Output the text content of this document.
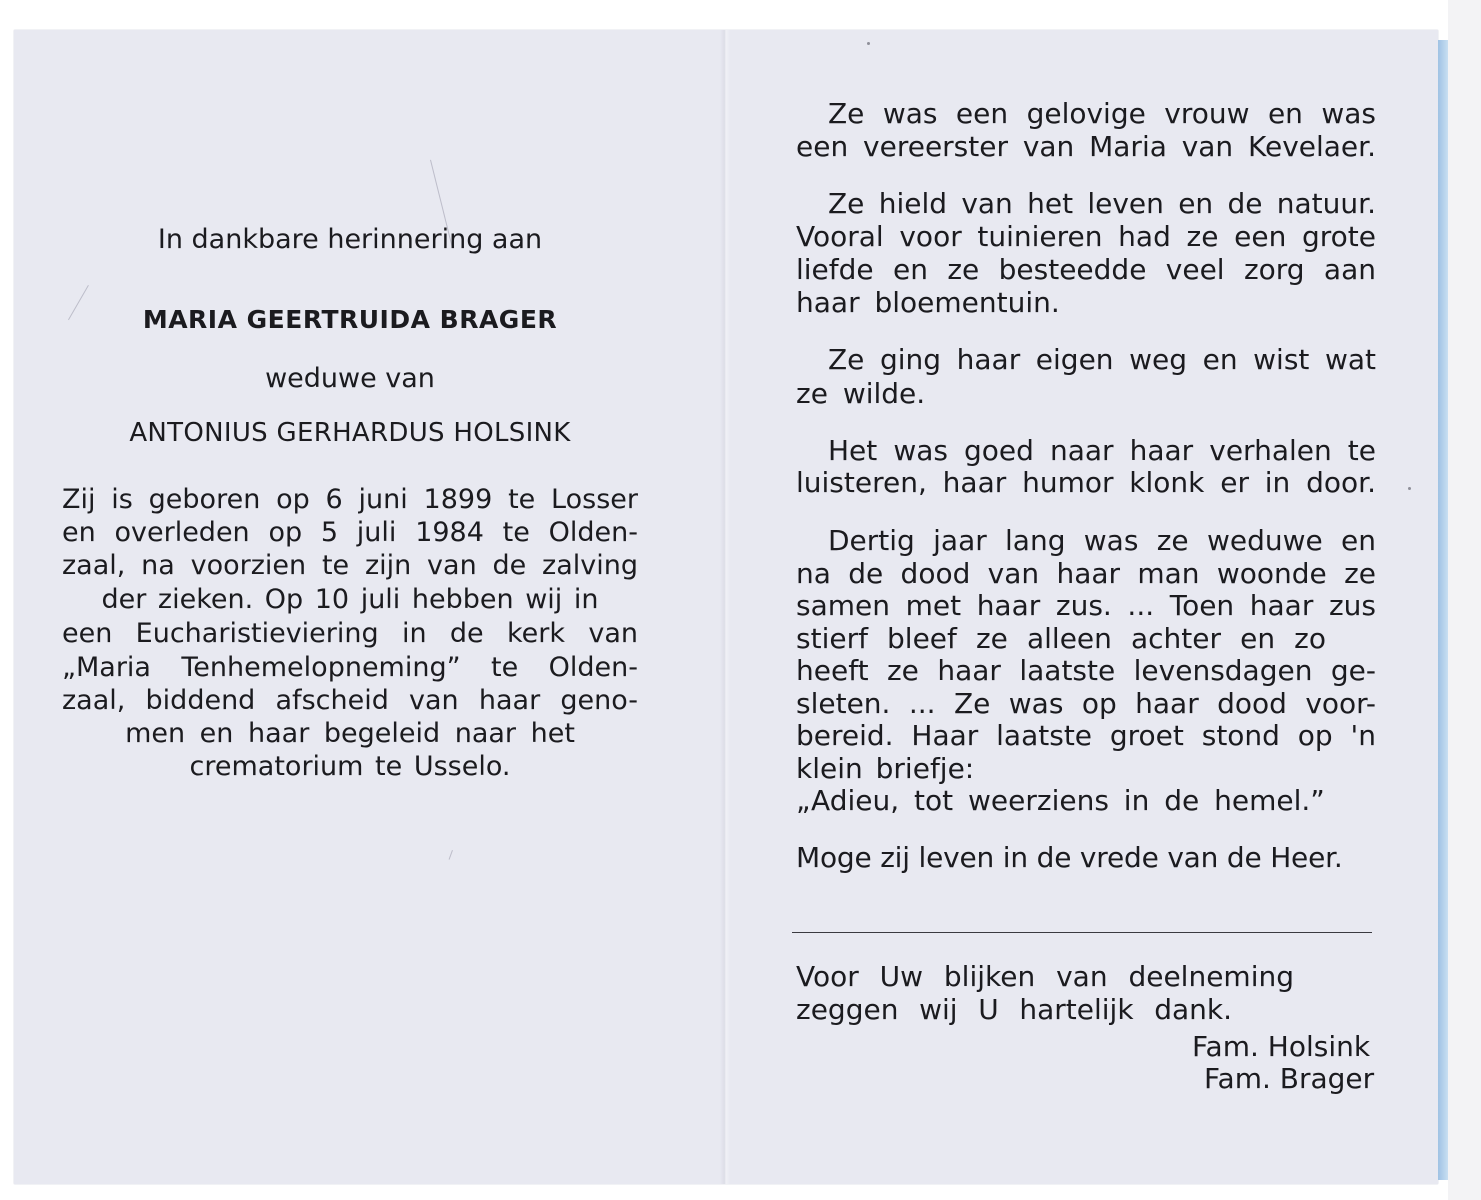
In dankbare herinnering aan

MARIA GEERTRUIDA BRAGER

weduwe van

ANTONIUS GERHARDUS HOLSINK

Zij is geboren op 6 juni 1899 te Losser

en overleden op 5 juli 1984 te Olden-

zaal, na voorzien te zijn van de zalving

der zieken. Op 10 juli hebben wij in

een Eucharistieviering in de kerk van

„Maria Tenhemelopneming” te Olden-

zaal, biddend afscheid van haar geno-

men en haar begeleid naar het

crematorium te Usselo.

Ze was een gelovige vrouw en was

een vereerster van Maria van Kevelaer.

Ze hield van het leven en de natuur.

Vooral voor tuinieren had ze een grote

liefde en ze besteedde veel zorg aan

haar bloementuin.

Ze ging haar eigen weg en wist wat

ze wilde.

Het was goed naar haar verhalen te

luisteren, haar humor klonk er in door.

Dertig jaar lang was ze weduwe en

na de dood van haar man woonde ze

samen met haar zus. ... Toen haar zus

stierf bleef ze alleen achter en zo

heeft ze haar laatste levensdagen ge-

sleten. ... Ze was op haar dood voor-

bereid. Haar laatste groet stond op 'n

klein briefje:

„Adieu, tot weerziens in de hemel.”

Moge zij leven in de vrede van de Heer.

Voor Uw blijken van deelneming

zeggen wij U hartelijk dank.

Fam. Holsink

Fam. Brager
